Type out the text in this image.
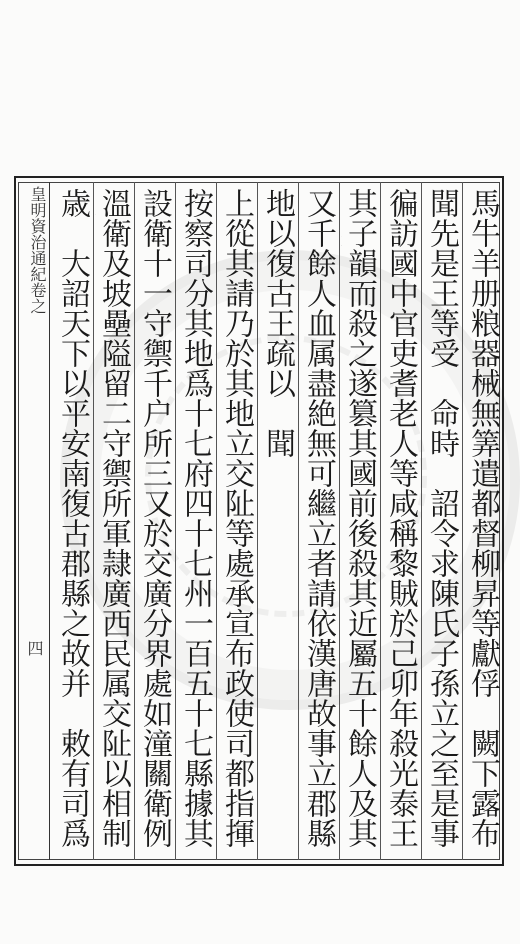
皇明資治通紀卷之
四	馬牛羊册粮器械無筭遣都督柳昇等獻俘　闕下露布
聞先是王等受　命時　詔令求陳氏子孫立之至是事
徧訪國中官吏耆老人等咸稱黎賊於己卯年殺光泰王
其子韻而殺之遂篡其國前後殺其近屬五十餘人及其
又千餘人血属盡絶無可繼立者請依漢唐故事立郡縣
地以復古王疏以　聞
上從其請乃於其地立交阯等處承宣布政使司都指揮
按察司分其地爲十七府四十七州一百五十七縣據其
設衛十一守禦千户所三又於交廣分界處如潼關衛例
溫衛及坡壘隘留二守禦所軍隷廣西民属交阯以相制
歳　大詔天下以平安南復古郡縣之故并　敕有司爲
